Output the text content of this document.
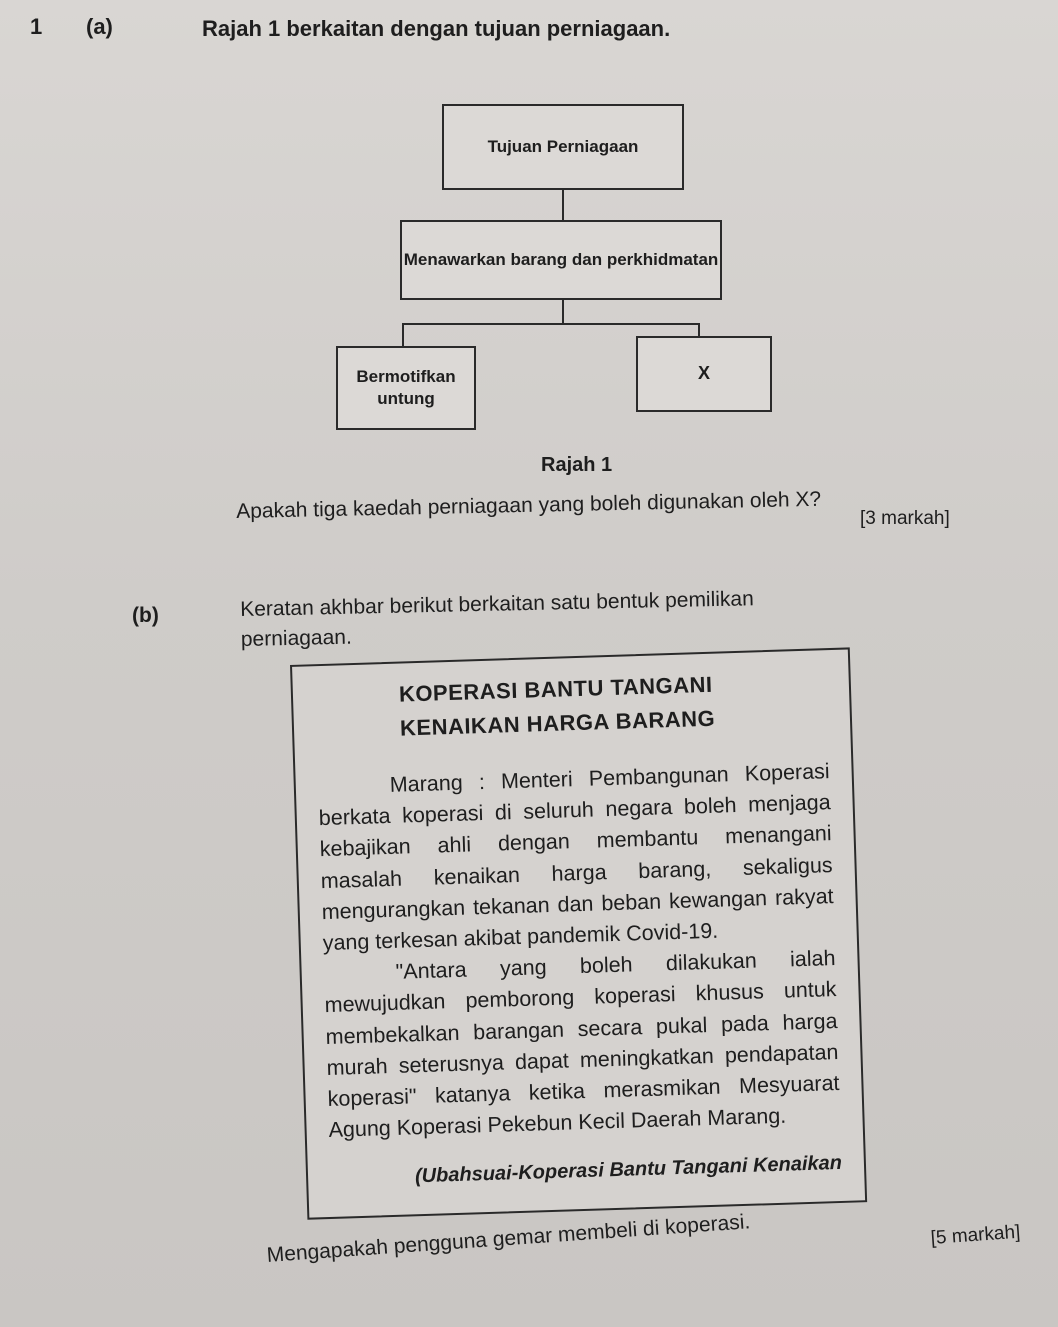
1 (a)	Rajah 1 berkaitan dengan tujuan perniagaan.
Tujuan Perniagaan
Menawarkan barang dan perkhidmatan
Bermotifkan untung
X
Rajah 1
Apakah tiga kaedah perniagaan yang boleh digunakan oleh X? [3 markah]
(b)	Keratan akhbar berikut berkaitan satu bentuk pemilikan
perniagaan.
KOPERASI BANTU TANGANI
KENAIKAN HARGA BARANG

Marang : Menteri Pembangunan Koperasi berkata koperasi di seluruh negara boleh menjaga kebajikan ahli dengan membantu menangani masalah kenaikan harga barang, sekaligus mengurangkan tekanan dan beban kewangan rakyat yang terkesan akibat pandemik Covid-19.

"Antara yang boleh dilakukan ialah mewujudkan pemborong koperasi khusus untuk membekalkan barangan secara pukal pada harga murah seterusnya dapat meningkatkan pendapatan koperasi" katanya ketika merasmikan Mesyuarat Agung Koperasi Pekebun Kecil Daerah Marang.

(Ubahsuai-Koperasi Bantu Tangani Kenaikan
Mengapakah pengguna gemar membeli di koperasi.	[5 markah]
